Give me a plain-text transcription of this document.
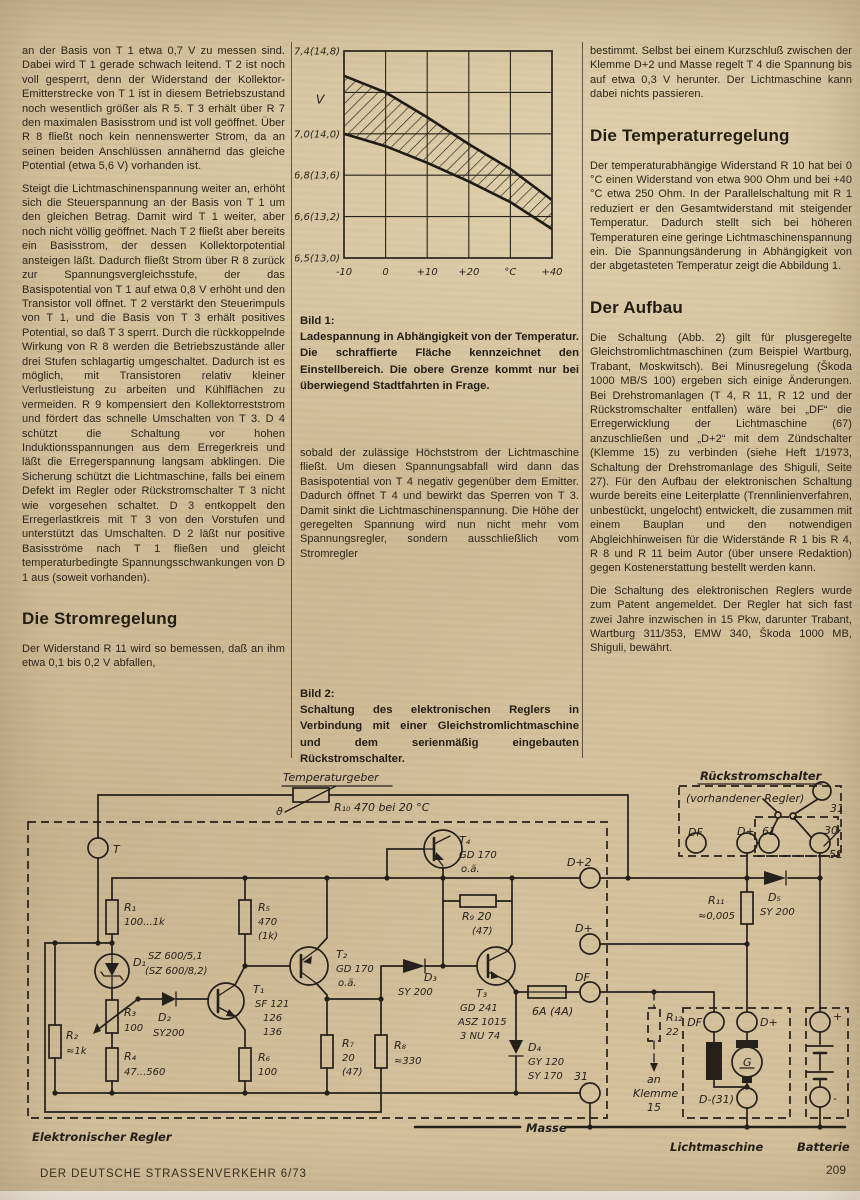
an der Basis von T 1 etwa 0,7 V zu messen sind. Dabei wird T 1 gerade schwach leitend. T 2 ist noch voll gesperrt, denn der Widerstand der Kollektor-Emitterstrecke von T 1 ist in diesem Betriebszustand noch wesentlich größer als R 5. T 3 erhält über R 7 den maximalen Basisstrom und ist voll geöffnet. Über R 8 fließt noch kein nennenswerter Strom, da an seinen beiden Anschlüssen annähernd das gleiche Potential (etwa 5,6 V) vorhanden ist.

Steigt die Lichtmaschinenspannung weiter an, erhöht sich die Steuerspannung an der Basis von T 1 um den gleichen Betrag. Damit wird T 1 weiter, aber noch nicht völlig geöffnet. Nach T 2 fließt aber bereits ein Basisstrom, der dessen Kollektorpotential ansteigen läßt. Dadurch fließt Strom über R 8 zurück zur Spannungsvergleichsstufe, der das Basispotential von T 1 auf etwa 0,8 V erhöht und den Transistor voll öffnet. T 2 verstärkt den Steuerimpuls von T 1, und die Basis von T 3 erhält positives Potential, so daß T 3 sperrt. Durch die rückkoppelnde Wirkung von R 8 werden die Betriebszustände aller drei Stufen schlagartig umgeschaltet. Dadurch ist es möglich, mit Transistoren relativ kleiner Verlustleistung zu arbeiten und Kühlflächen zu vermeiden. R 9 kompensiert den Kollektorreststrom und fördert das schnelle Umschalten von T 3. D 4 schützt die Schaltung vor hohen Induktionsspannungen aus dem Erregerkreis und läßt die Erregerspannung langsam abklingen. Die Sicherung schützt die Lichtmaschine, falls bei einem Defekt im Regler oder Rückstromschalter T 3 nicht wie vorgesehen schaltet. D 3 entkoppelt den Erregerlastkreis mit T 3 von den Vorstufen und unterstützt das Umschalten. D 2 läßt nur positive Basisströme nach T 1 fließen und gleicht temperaturbedingte Spannungsschwankungen von D 1 aus (soweit vorhanden).

Die Stromregelung

Der Widerstand R 11 wird so bemessen, daß an ihm etwa 0,1 bis 0,2 V abfallen,

7,4(14,8)
7,0(14,0)
6,8(13,6)
6,6(13,2)
6,5(13,0)
-10	0	+10 +20	°C	+40
V
Bild 1:
Ladespannung in Abhängigkeit von der Temperatur. Die schraffierte Fläche kennzeichnet den Einstellbereich. Die obere Grenze kommt nur bei überwiegend Stadtfahrten in Frage.

sobald der zulässige Höchststrom der Lichtmaschine fließt. Um diesen Spannungsabfall wird dann das Basispotential von T 4 negativ gegenüber dem Emitter. Dadurch öffnet T 4 und bewirkt das Sperren von T 3. Damit sinkt die Lichtmaschinenspannung. Die Höhe der geregelten Spannung wird nun nicht mehr vom Spannungsregler, sondern ausschließlich vom Stromregler

Bild 2:
Schaltung des elektronischen Reglers in Verbindung mit einer Gleichstromlichtmaschine und dem serienmäßig eingebauten Rückstromschalter.

bestimmt. Selbst bei einem Kurzschluß zwischen der Klemme D+2 und Masse regelt T 4 die Spannung bis auf etwa 0,3 V herunter. Der Lichtmaschine kann dabei nichts passieren.

Die Temperaturregelung

Der temperaturabhängige Widerstand R 10 hat bei 0 °C einen Widerstand von etwa 900 Ohm und bei +40 °C etwa 250 Ohm. In der Parallelschaltung mit R 1 reduziert er den Gesamtwiderstand mit steigender Temperatur. Dadurch stellt sich bei höheren Temperaturen eine geringe Lichtmaschinenspannung ein. Die Spannungsänderung in Abhängigkeit von der abgetasteten Temperatur zeigt die Abbildung 1.

Der Aufbau

Die Schaltung (Abb. 2) gilt für plusgeregelte Gleichstromlichtmaschinen (zum Beispiel Wartburg, Trabant, Moskwitsch). Bei Minusregelung (Škoda 1000 MB/S 100) ergeben sich einige Änderungen. Bei Drehstromanlagen (T 4, R 11, R 12 und der Rückstromschalter entfallen) wäre bei „DF“ die Erregerwicklung der Lichtmaschine (67) anzuschließen und „D+2“ mit dem Zündschalter (Klemme 15) zu verbinden (siehe Heft 1/1973, Schaltung der Drehstromanlage des Shiguli, Seite 27). Für den Aufbau der elektronischen Schaltung wurde bereits eine Leiterplatte (Trennlinienverfahren, unbestückt, ungelocht) entwickelt, die zusammen mit einem Bauplan und den notwendigen Abgleichhinweisen für die Widerstände R 1 bis R 4, R 8 und R 11 beim Autor (über unsere Redaktion) gegen Kostenerstattung bestellt werden kann.

Die Schaltung des elektronischen Reglers wurde zum Patent angemeldet. Der Regler hat sich fast zwei Jahre inzwischen in 15 Pkw, darunter Trabant, Wartburg 311/353, EMW 340, Škoda 1000 MB, Shiguli, bewährt.

Temperaturgeber
ϑ	R₁₀ 470 bei 20 °C
T
R₁
100...1k
R₅
470
(1k)
D₁ SZ 600/5,1
(SZ 600/8,2)
R₂
≈1k
R₃
100
R₄
47...560
D₂
SY200
T₁
SF 121
126
136
R₆
100
T₂
GD 170
o.ä.
T₄
GD 170
o.ä.
R₉ 20
(47)
D₃
SY 200	T₃
GD 241
ASZ 1015
3 NU 74
R₇
20
(47)
R₈
≈330
D₄
GY 120
SY 170
6A (4A)
D+2
D+
DF
31
R₁₁
≈0,005
D₅
SY 200
Rückstromschalter
(vorhandener Regler)
DF	D+ 61	30
51
31
R₁₂
22
an
Klemme
15
DF	D+
G
D-(31)
+
-
Elektronischer Regler
Masse
Lichtmaschine	Batterie
DER DEUTSCHE STRASSENVERKEHR 6/73	209
